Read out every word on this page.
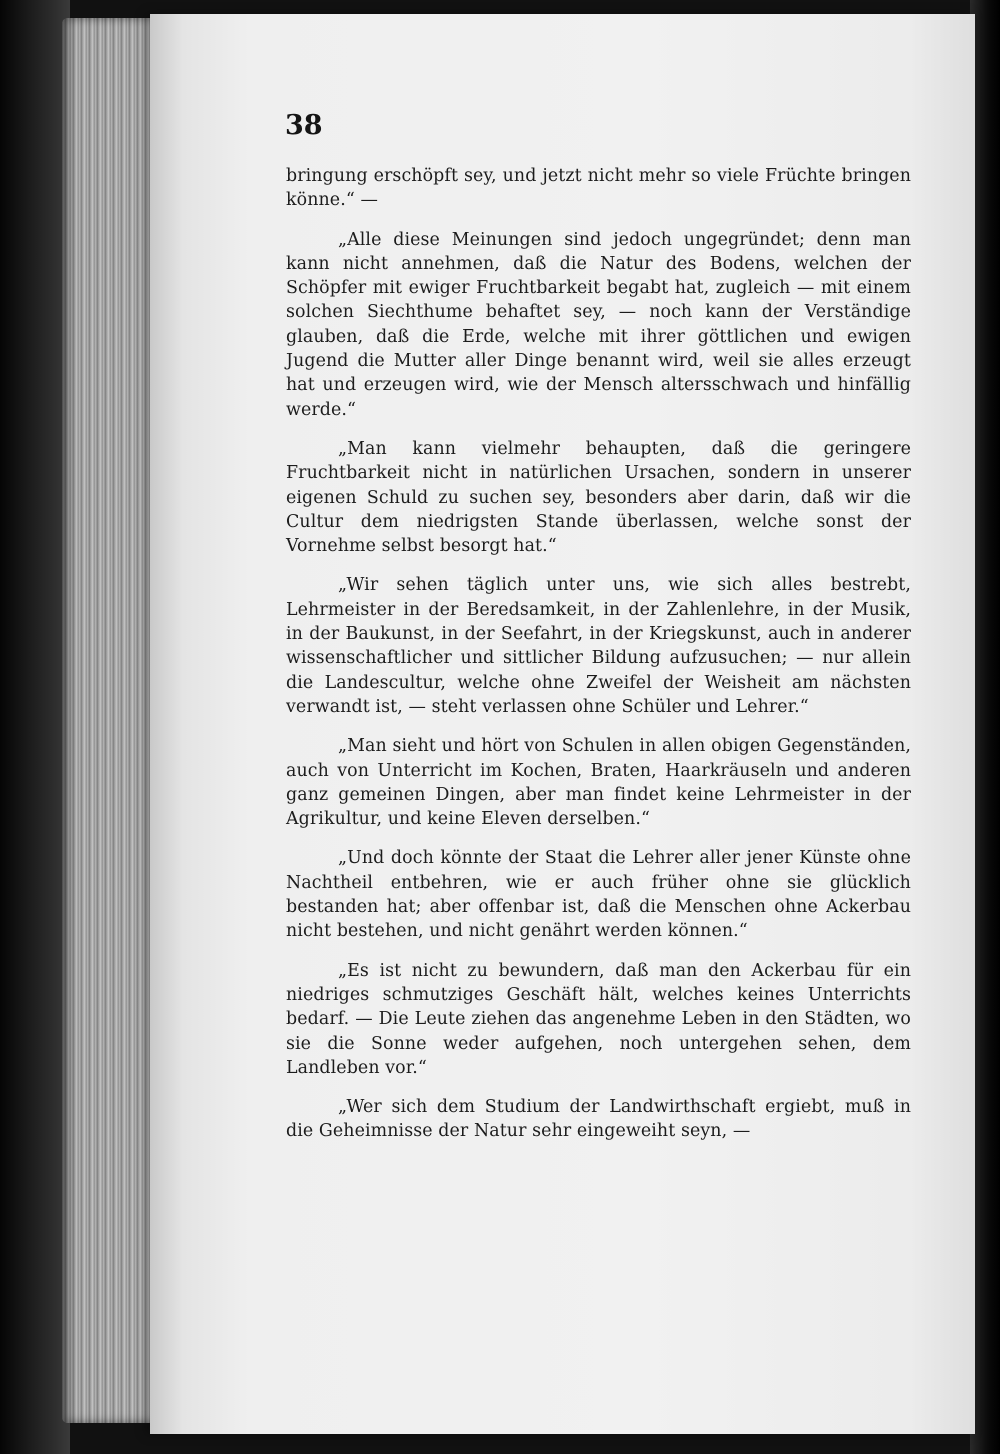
38

bringung erschöpft sey, und jetzt nicht mehr so viele Früchte bringen könne.“ —

„Alle diese Meinungen sind jedoch ungegründet; denn man kann nicht annehmen, daß die Natur des Bodens, welchen der Schöpfer mit ewiger Fruchtbarkeit begabt hat, zugleich — mit einem solchen Siechthume behaftet sey, — noch kann der Verständige glauben, daß die Erde, welche mit ihrer göttlichen und ewigen Jugend die Mutter aller Dinge benannt wird, weil sie alles erzeugt hat und erzeugen wird, wie der Mensch altersschwach und hinfällig werde.“

„Man kann vielmehr behaupten, daß die geringere Fruchtbarkeit nicht in natürlichen Ursachen, sondern in unserer eigenen Schuld zu suchen sey, besonders aber darin, daß wir die Cultur dem niedrigsten Stande überlassen, welche sonst der Vornehme selbst besorgt hat.“

„Wir sehen täglich unter uns, wie sich alles bestrebt, Lehrmeister in der Beredsamkeit, in der Zahlenlehre, in der Musik, in der Baukunst, in der Seefahrt, in der Kriegskunst, auch in anderer wissenschaftlicher und sittlicher Bildung aufzusuchen; — nur allein die Landescultur, welche ohne Zweifel der Weisheit am nächsten verwandt ist, — steht verlassen ohne Schüler und Lehrer.“

„Man sieht und hört von Schulen in allen obigen Gegenständen, auch von Unterricht im Kochen, Braten, Haarkräuseln und anderen ganz gemeinen Dingen, aber man findet keine Lehrmeister in der Agrikultur, und keine Eleven derselben.“

„Und doch könnte der Staat die Lehrer aller jener Künste ohne Nachtheil entbehren, wie er auch früher ohne sie glücklich bestanden hat; aber offenbar ist, daß die Menschen ohne Ackerbau nicht bestehen, und nicht genährt werden können.“

„Es ist nicht zu bewundern, daß man den Ackerbau für ein niedriges schmutziges Geschäft hält, welches keines Unterrichts bedarf. — Die Leute ziehen das angenehme Leben in den Städten, wo sie die Sonne weder aufgehen, noch untergehen sehen, dem Landleben vor.“

„Wer sich dem Studium der Landwirthschaft ergiebt, muß in die Geheimnisse der Natur sehr eingeweiht seyn, —
